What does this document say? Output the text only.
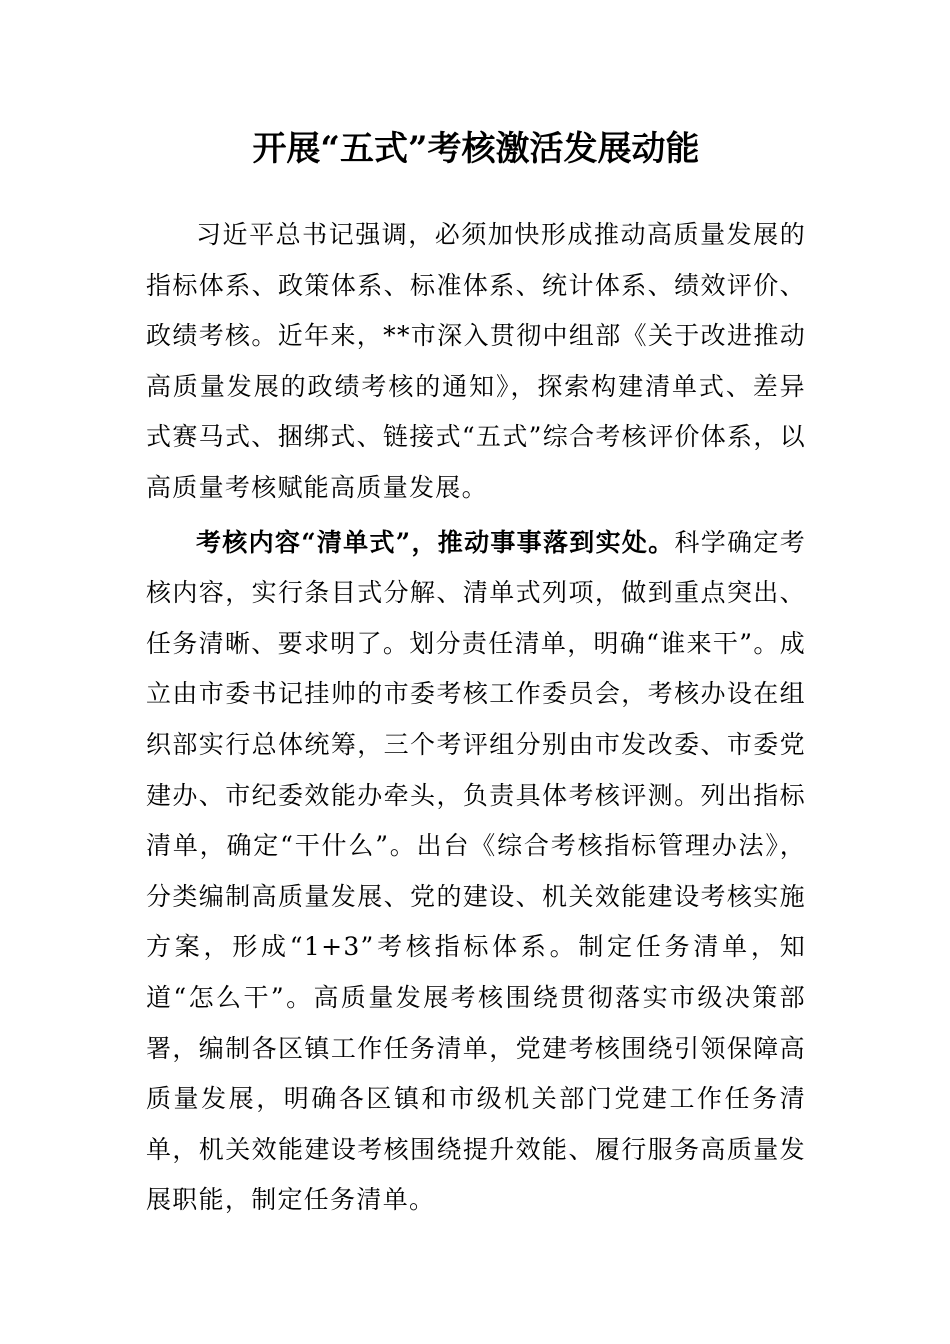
开展“五式”考核激活发展动能

习近平总书记强调，必须加快形成推动高质量发展的指标体系、政策体系、标准体系、统计体系、绩效评价、政绩考核。近年来，**市深入贯彻中组部《关于改进推动高质量发展的政绩考核的通知》，探索构建清单式、差异式赛马式、捆绑式、链接式“五式”综合考核评价体系，以高质量考核赋能高质量发展。

考核内容“清单式”，推动事事落到实处。科学确定考核内容，实行条目式分解、清单式列项，做到重点突出、任务清晰、要求明了。划分责任清单，明确“谁来干”。成立由市委书记挂帅的市委考核工作委员会，考核办设在组织部实行总体统筹，三个考评组分别由市发改委、市委党建办、市纪委效能办牵头，负责具体考核评测。列出指标清单，确定“干什么”。出台《综合考核指标管理办法》，分类编制高质量发展、党的建设、机关效能建设考核实施方案，形成“1+3”考核指标体系。制定任务清单，知道“怎么干”。高质量发展考核围绕贯彻落实市级决策部署，编制各区镇工作任务清单，党建考核围绕引领保障高质量发展，明确各区镇和市级机关部门党建工作任务清单，机关效能建设考核围绕提升效能、履行服务高质量发展职能，制定任务清单。
